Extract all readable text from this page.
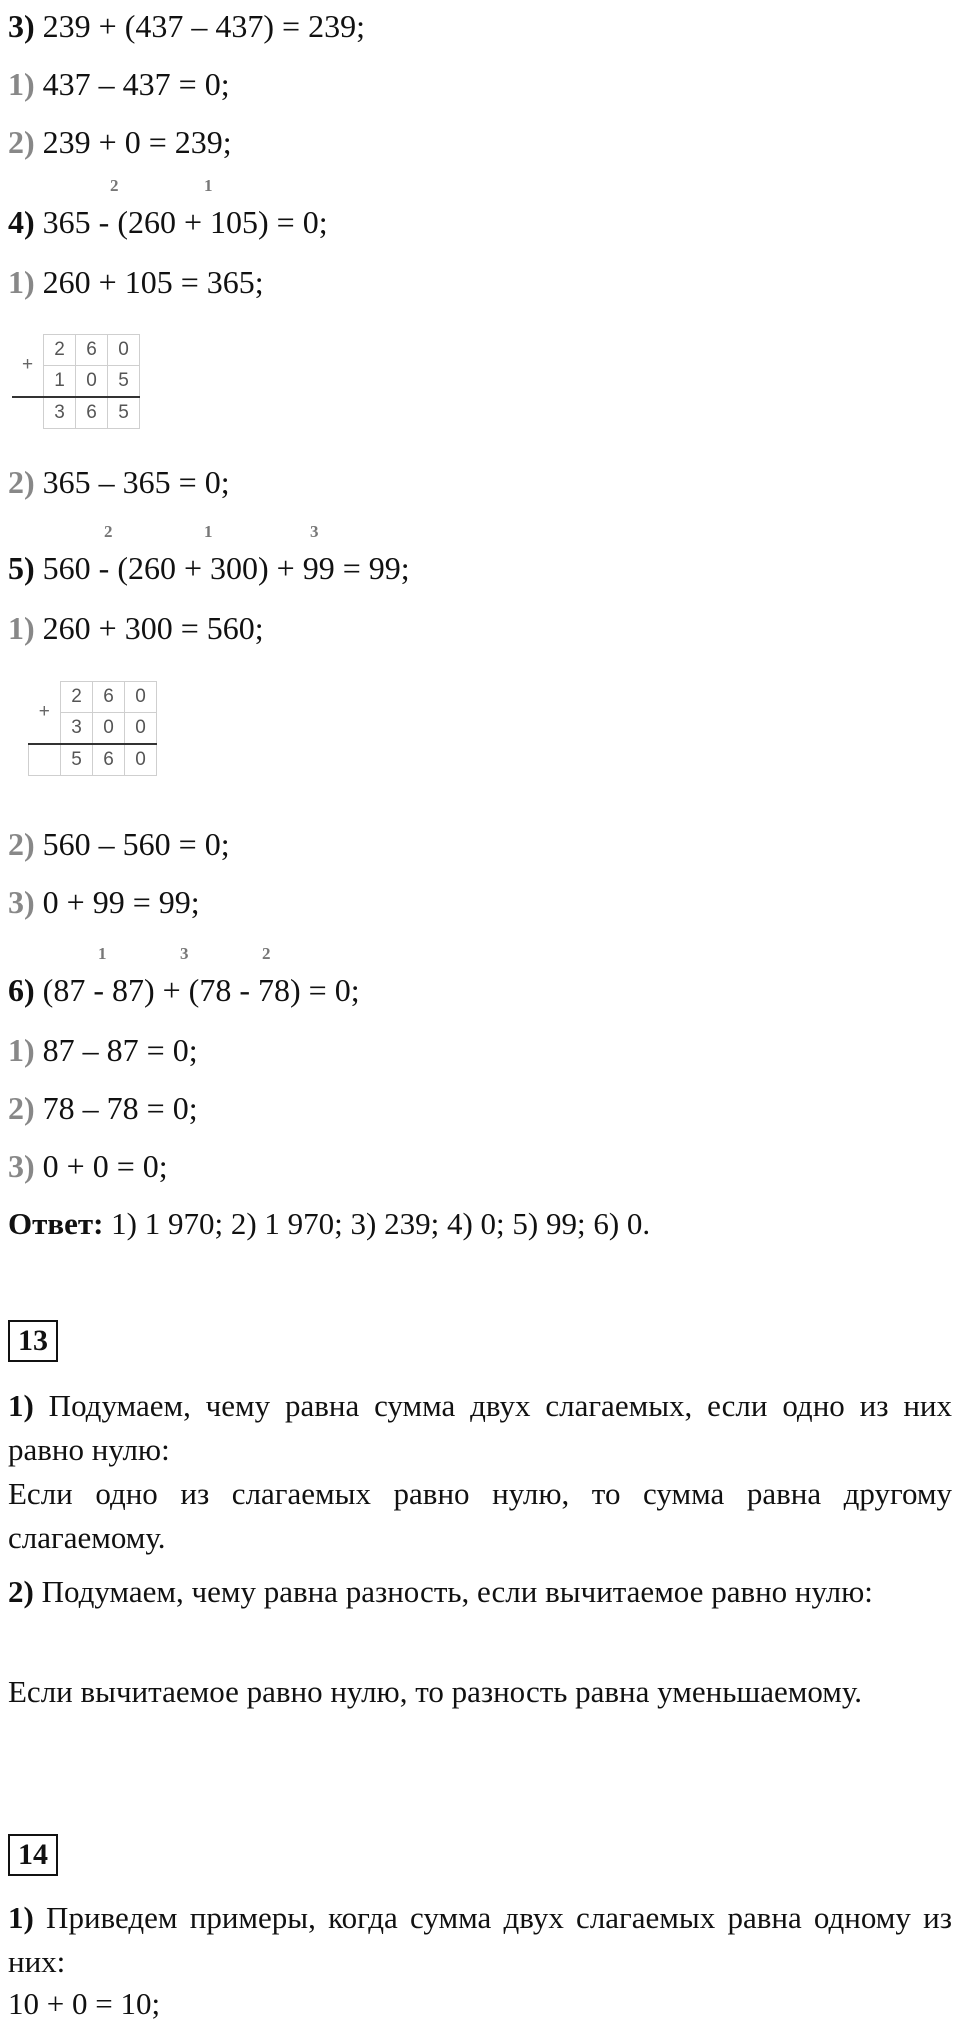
3) 239 + (437 – 437) = 239;
1) 437 – 437 = 0;
2) 239 + 0 = 239;
2	1
4) 365 - (260 + 105) = 0;
1) 260 + 105 = 365;
+	2	6	0
	1	0	5
	3	6	5
2) 365 – 365 = 0;
2	1	3
5) 560 - (260 + 300) + 99 = 99;
1) 260 + 300 = 560;
+	2	6	0
	3	0	0
	5	6	0
2) 560 – 560 = 0;
3) 0 + 99 = 99;
1	3	2
6) (87 - 87) + (78 - 78) = 0;
1) 87 – 87 = 0;
2) 78 – 78 = 0;
3) 0 + 0 = 0;
Ответ: 1) 1 970; 2) 1 970; 3) 239; 4) 0; 5) 99; 6) 0.
13
1) Подумаем, чему равна сумма двух слагаемых, если одно из них равно нулю:
Если одно из слагаемых равно нулю, то сумма равна другому слагаемому.
2) Подумаем, чему равна разность, если вычитаемое равно нулю:
Если вычитаемое равно нулю, то разность равна уменьшаемому.
14
1) Приведем примеры, когда сумма двух слагаемых равна одному из них:
10 + 0 = 10;
